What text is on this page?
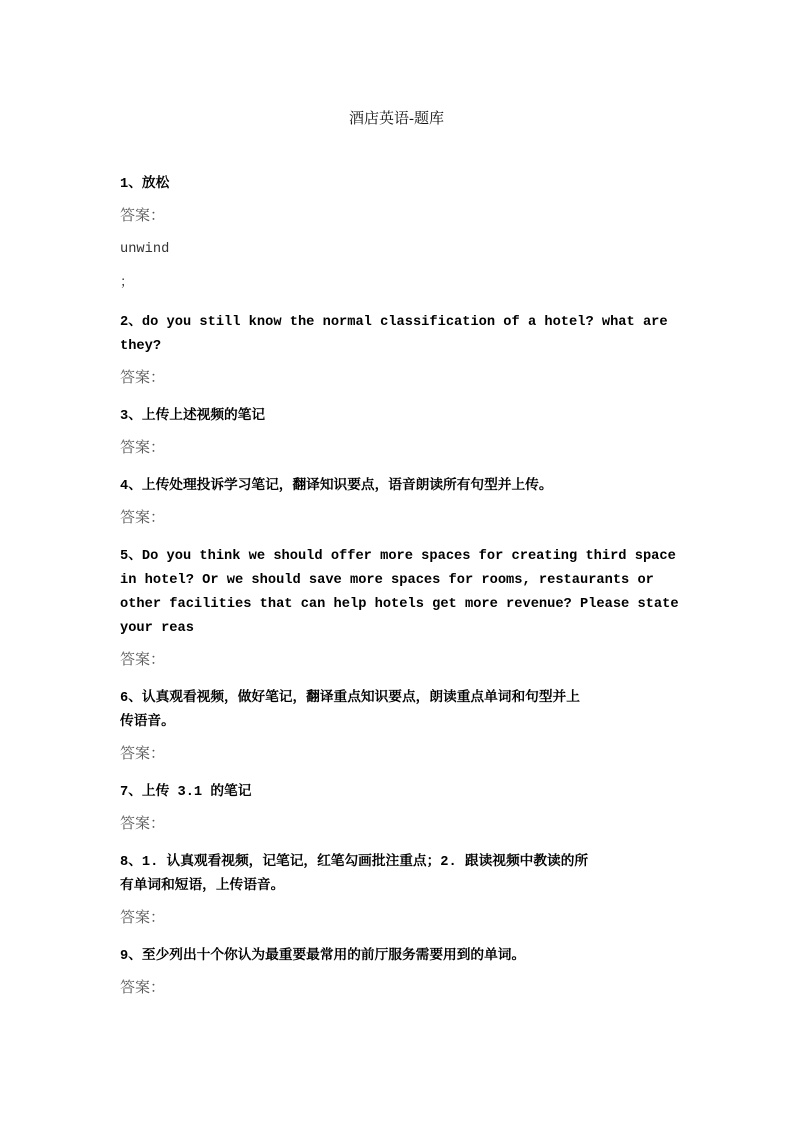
酒店英语-题库
1、放松
答案：
unwind
；
2、do you still know the normal classification of a hotel? what are
they?
答案：
3、上传上述视频的笔记
答案：
4、上传处理投诉学习笔记，翻译知识要点，语音朗读所有句型并上传。
答案：
5、Do you think we should offer more spaces for creating third space
in hotel? Or we should save more spaces for rooms, restaurants or
other facilities that can help hotels get more revenue? Please state
your reas
答案：
6、认真观看视频，做好笔记，翻译重点知识要点，朗读重点单词和句型并上
传语音。
答案：
7、上传 3.1 的笔记
答案：
8、1. 认真观看视频，记笔记，红笔勾画批注重点；2. 跟读视频中教读的所
有单词和短语，上传语音。
答案：
9、至少列出十个你认为最重要最常用的前厅服务需要用到的单词。
答案：
